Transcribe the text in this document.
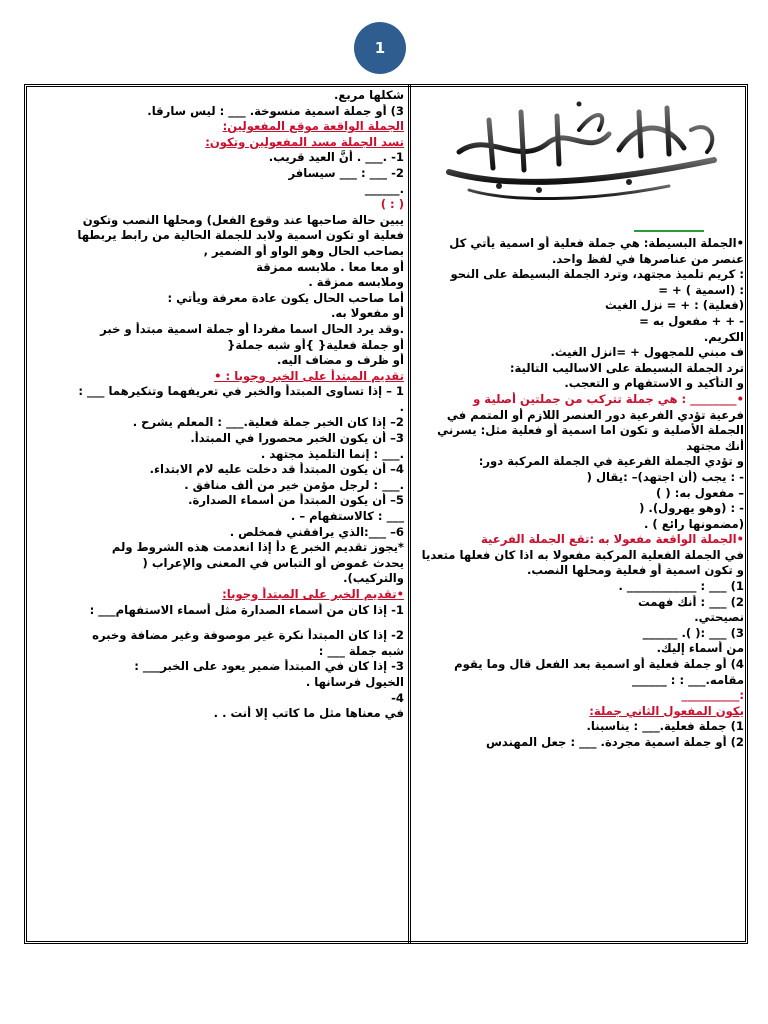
1
•الجملة البسيطة: هي جملة فعلية أو اسمية يأتي كل
عنصر من عناصرها في لفظ واحد.
: كريم تلميذ مجتهد، وترد الجملة البسيطة على النحو
: (اسمية ) + =
(فعلية) : + = نزل الغيث
- + + مفعول به =
الكريم.
ف مبني للمجهول + =انزل الغيث.
ترد الجملة البسيطة على الاساليب التالية:
و التأكيد و الاستفهام و التعجب.
•________ : هي جملة تتركب من جملتين أصلية و
فرعية تؤدي الفرعية دور العنصر اللازم أو المتمم في
الجملة الأصلية و تكون اما اسمية أو فعلية مثل: يسرني
أنك مجتهد
و تؤدي الجملة الفرعية في الجملة المركبة دور:
- : يجب (أن اجتهد)– :يقال (
– مفعول به: ( )
- : (وهو يهرول). (
(مضمونها رائع ) .
•الجملة الواقعة مفعولا به :تقع الجملة الفرعية
في الجملة الفعلية المركبة مفعولا به اذا كان فعلها متعديا
و تكون اسمية أو فعلية ومحلها النصب.
1) ___ : ____________ .
2) ___ : أنك فهمت
نصيحتي.
3) ___ :( ). ______
من أسماء إليك.
4) أو جملة فعلية أو اسمية بعد الفعل قال وما يقوم
مقامه.___ : : ______
:__________
يكون المفعول الثاني جملة:
1) جملة فعلية.___ : يناسبنا.
2) أو جملة اسمية مجردة. ___ : جعل المهندس
شكلها مربع.
3) أو جملة اسمية منسوخة. ___ : ليس سارقا.
الجملة الواقعة موقع المفعولين:
تسد الجملة مسد المفعولين وتكون:
1- .___ . أنَّ العيد قريب.
2- ___ : ___ سيسافر
.______
( : )
يبين حالة صاحبها عند وقوع الفعل) ومحلها النصب وتكون
فعلية او تكون اسمية ولابد للجملة الحالية من رابط يربطها
بصاحب الحال وهو الواو أو الضمير ,
أو معا معا . ملابسه ممزقة
وملابسه ممزقة .
أما صاحب الحال يكون عادة معرفة ويأتي :
أو مفعولا به.
.وقد يرد الحال اسما مفردا أو جملة اسمية مبتدأ و خبر
أو جملة فعلية{ }أو شبه جملة{
أو ظرف و مضاف اليه.
تقديم المبتدأ على الخبر وجوبا : •
1 – إذا تساوى المبتدأ والخبر في تعريفهما وتنكيرهما ___ :
.
2– إذا كان الخبر جملة فعلية.___ : المعلم يشرح .
3– أن يكون الخبر محصورا في المبتدأ.
.___ : إنما التلميذ مجتهد .
4– أن يكون المبتدأ قد دخلت عليه لام الابتداء.
.___ : لرجل مؤمن خير من ألف منافق .
5– أن يكون المبتدأ من أسماء الصدارة.
___ : كالاستفهام – .
6– ___:الذي يرافقني فمخلص .
*يجوز تقديم الخبر ع دأ إذا انعدمت هذه الشروط ولم
يحدث غموض أو التباس في المعنى والإعراب (
والتركيب).
•تقديم الخبر على المبتدأ وجوبا:
1- إذا كان من أسماء الصدارة مثل أسماء الاستفهام___ :
2- إذا كان المبتدأ نكرة غير موصوفة وغير مضافة وخبره
شبه جملة ___ :
3- إذا كان في المبتدأ ضمير يعود على الخبر___ :
الخيول فرسانها .
4-
في معناها مثل ما كاتب إلا أنت . .
